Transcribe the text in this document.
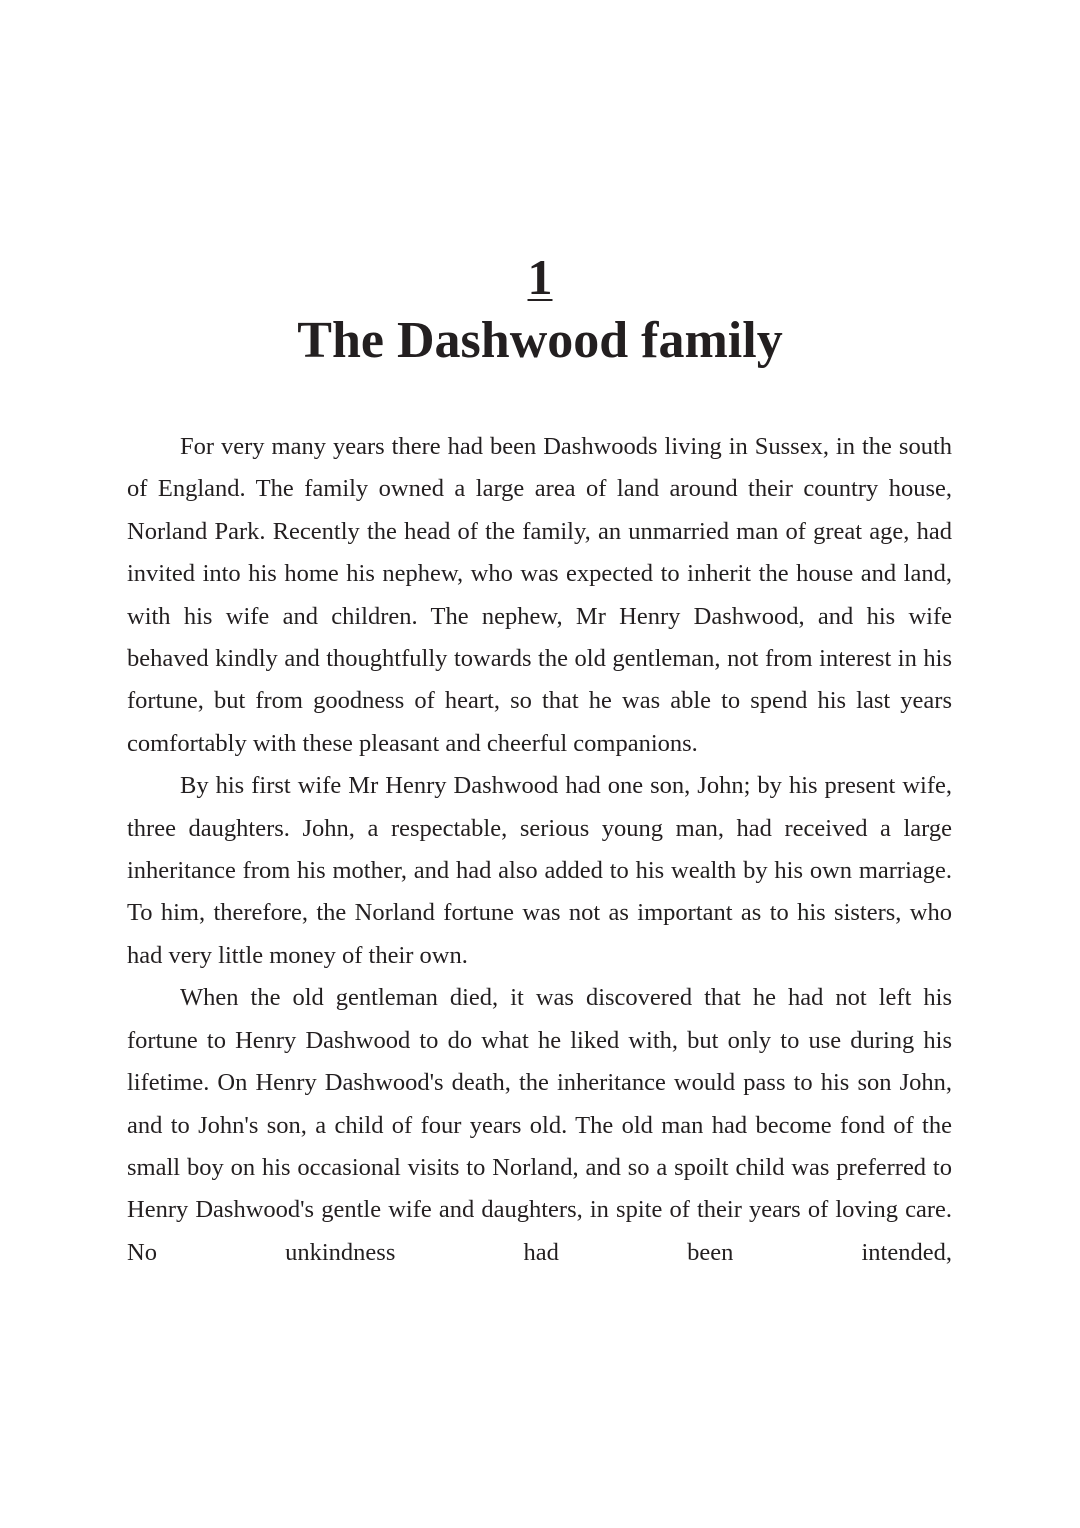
1
The Dashwood family

For very many years there had been Dashwoods living in Sussex, in the south of England. The family owned a large area of land around their country house, Norland Park. Recently the head of the family, an unmarried man of great age, had invited into his home his nephew, who was expected to inherit the house and land, with his wife and children. The nephew, Mr Henry Dashwood, and his wife behaved kindly and thoughtfully towards the old gentleman, not from interest in his fortune, but from goodness of heart, so that he was able to spend his last years comfortably with these pleasant and cheerful companions.

By his first wife Mr Henry Dashwood had one son, John; by his present wife, three daughters. John, a respectable, serious young man, had received a large inheritance from his mother, and had also added to his wealth by his own marriage. To him, therefore, the Norland fortune was not as important as to his sisters, who had very little money of their own.

When the old gentleman died, it was discovered that he had not left his fortune to Henry Dashwood to do what he liked with, but only to use during his lifetime. On Henry Dashwood's death, the inheritance would pass to his son John, and to John's son, a child of four years old. The old man had become fond of the small boy on his occasional visits to Norland, and so a spoilt child was preferred to Henry Dashwood's gentle wife and daughters, in spite of their years of loving care. No unkindness had been intended,
